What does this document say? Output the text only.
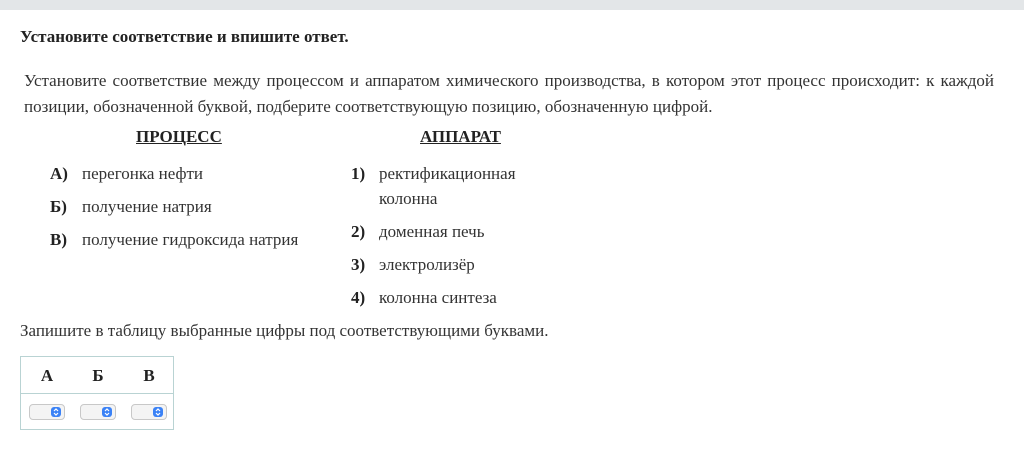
Установите соответствие и впишите ответ.
Установите соответствие между процессом и аппаратом химического производства, в котором этот процесс происходит: к каждой позиции, обозначенной буквой, подберите соответствующую позицию, обозначенную цифрой.
ПРОЦЕСС	АППАРАТ
А) перегонка нефти
Б) получение натрия
В) получение гидроксида натрия
1) ректификационная
колонна
2) доменная печь
3) электролизёр
4) колонна синтеза
Запишите в таблицу выбранные цифры под соответствующими буквами.
А	Б	В
